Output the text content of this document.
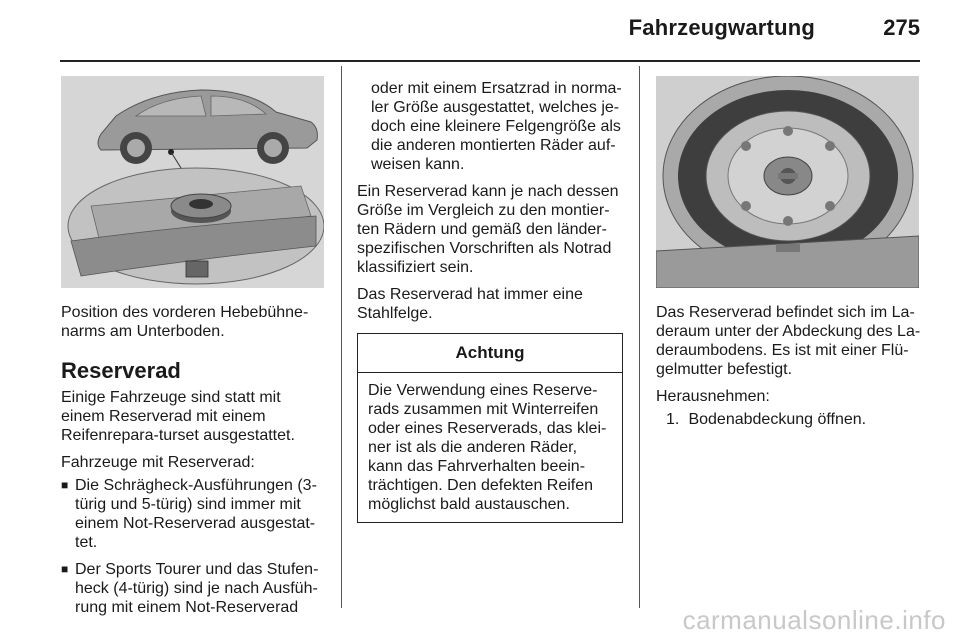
Fahrzeugwartung	275

Position des vorderen Hebebühne-narms am Unterboden.

Reserverad

Einige Fahrzeuge sind statt mit einem Reserverad mit einem Reifenrepara-turset ausgestattet.

Fahrzeuge mit Reserverad:

■ Die Schrägheck-Ausführungen (3-türig und 5-türig) sind immer mit einem Not-Reserverad ausgestat-tet.
■ Der Sports Tourer und das Stufen-heck (4-türig) sind je nach Ausfüh-rung mit einem Not-Reserverad

oder mit einem Ersatzrad in norma-ler Größe ausgestattet, welches je-doch eine kleinere Felgengröße als die anderen montierten Räder auf-weisen kann.

Ein Reserverad kann je nach dessen Größe im Vergleich zu den montier-ten Rädern und gemäß den länder-spezifischen Vorschriften als Notrad klassifiziert sein.

Das Reserverad hat immer eine Stahlfelge.

Achtung
Die Verwendung eines Reserve-rads zusammen mit Winterreifen oder eines Reserverads, das klei-ner ist als die anderen Räder, kann das Fahrverhalten beein-trächtigen. Den defekten Reifen möglichst bald austauschen.

Das Reserverad befindet sich im La-deraum unter der Abdeckung des La-deraumbodens. Es ist mit einer Flü-gelmutter befestigt.

Herausnehmen:

1. Bodenabdeckung öffnen.
carmanualsonline.info
